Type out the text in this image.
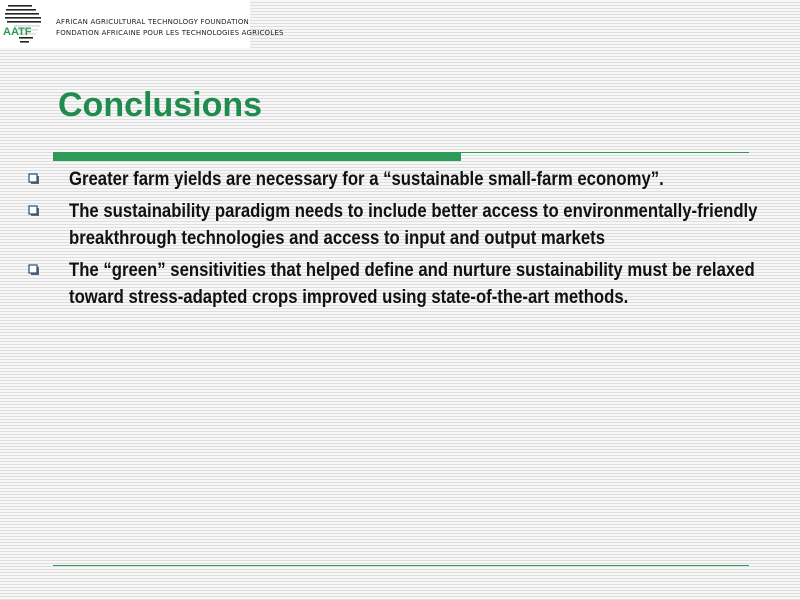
AATF
AFRICAN AGRICULTURAL TECHNOLOGY FOUNDATION
FONDATION AFRICAINE POUR LES TECHNOLOGIES AGRICOLES
Conclusions
Greater farm yields are necessary for a “sustainable small-farm economy”.
The sustainability paradigm needs to include better access to environmentally-friendly breakthrough technologies and access to input and output markets
The “green” sensitivities that helped define and nurture sustainability must be relaxed toward stress-adapted crops improved using state-of-the-art methods.
